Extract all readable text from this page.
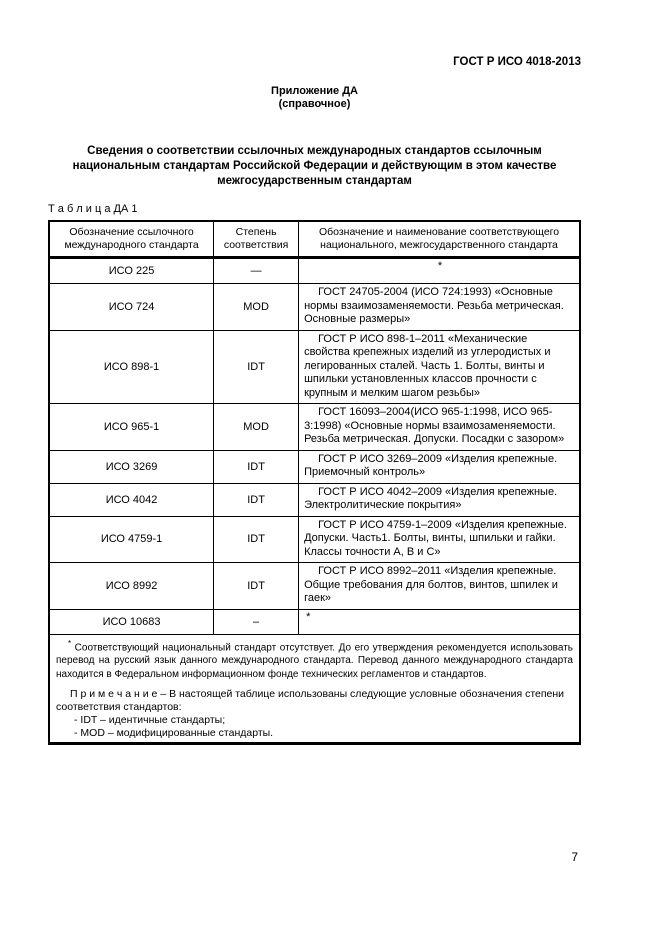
ГОСТ Р ИСО 4018-2013
Приложение ДА
(справочное)
Сведения о соответствии ссылочных международных стандартов ссылочным национальным стандартам Российской Федерации и действующим в этом качестве межгосударственным стандартам
Т а б л и ц а ДА 1
Обозначение ссылочного международного стандарта	Степень соответствия	Обозначение и наименование соответствующего национального, межгосударственного стандарта
ИСО 225	—	*
ИСО 724	MOD	ГОСТ 24705-2004 (ИСО 724:1993) «Основные нормы взаимозаменяемости. Резьба метрическая. Основные размеры»
ИСО 898-1	IDT	ГОСТ Р ИСО 898-1–2011 «Механические свойства крепежных изделий из углеродистых и легированных сталей. Часть 1. Болты, винты и шпильки установленных классов прочности с крупным и мелким шагом резьбы»
ИСО 965-1	MOD	ГОСТ 16093–2004(ИСО 965-1:1998, ИСО 965-3:1998) «Основные нормы взаимозаменяемости. Резьба метрическая. Допуски. Посадки с зазором»
ИСО 3269	IDT	ГОСТ Р ИСО 3269–2009 «Изделия крепежные. Приемочный контроль»
ИСО 4042	IDT	ГОСТ Р ИСО 4042–2009 «Изделия крепежные. Электролитические покрытия»
ИСО 4759-1	IDT	ГОСТ Р ИСО 4759-1–2009 «Изделия крепежные. Допуски. Часть1. Болты, винты, шпильки и гайки. Классы точности А, В и С»
ИСО 8992	IDT	ГОСТ Р ИСО 8992–2011 «Изделия крепежные. Общие требования для болтов, винтов, шпилек и гаек»
ИСО 10683	–	*

* Соответствующий национальный стандарт отсутствует. До его утверждения рекомендуется использовать перевод на русский язык данного международного стандарта. Перевод данного международного стандарта находится в Федеральном информационном фонде технических регламентов и стандартов.

П р и м е ч а н и е – В настоящей таблице использованы следующие условные обозначения степени соответствия стандартов:

- IDT – идентичные стандарты;
- MOD – модифицированные стандарты.		
7
